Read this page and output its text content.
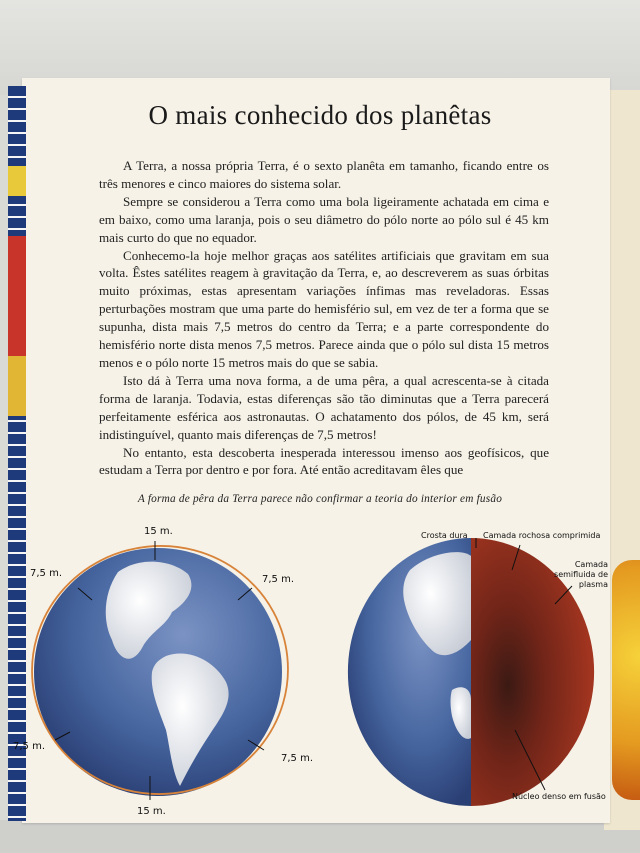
O mais conhecido dos planêtas

A Terra, a nossa própria Terra, é o sexto planêta em tamanho, ficando entre os três menores e cinco maiores do sistema solar.

Sempre se considerou a Terra como uma bola ligeiramente achatada em cima e em baixo, como uma laranja, pois o seu diâmetro do pólo norte ao pólo sul é 45 km mais curto do que no equador.

Conhecemo-la hoje melhor graças aos satélites artificiais que gravitam em sua volta. Êstes satélites reagem à gravitação da Terra, e, ao descreverem as suas órbitas muito próximas, estas apresentam variações ínfimas mas reveladoras. Essas perturbações mostram que uma parte do hemisfério sul, em vez de ter a forma que se supunha, dista mais 7,5 metros do centro da Terra; e a parte correspondente do hemisfério norte dista menos 7,5 metros. Parece ainda que o pólo sul dista 15 metros menos e o pólo norte 15 metros mais do que se sabia.

Isto dá à Terra uma nova forma, a de uma pêra, a qual acrescenta-se à citada forma de laranja. Todavia, estas diferenças são tão diminutas que a Terra parecerá perfeitamente esférica aos astronautas. O achatamento dos pólos, de 45 km, será indistinguível, quanto mais diferenças de 7,5 metros!

No entanto, esta descoberta inesperada interessou imenso aos geofísicos, que estudam a Terra por dentro e por fora. Até então acreditavam êles que

A forma de pêra da Terra parece não confirmar a teoria do interior em fusão
15 m.
7,5 m.
7,5 m.
7,5 m.
7,5 m.
15 m.
Crosta dura Camada rochosa comprimida
Camada semifluida de plasma
Núcleo denso em fusão
